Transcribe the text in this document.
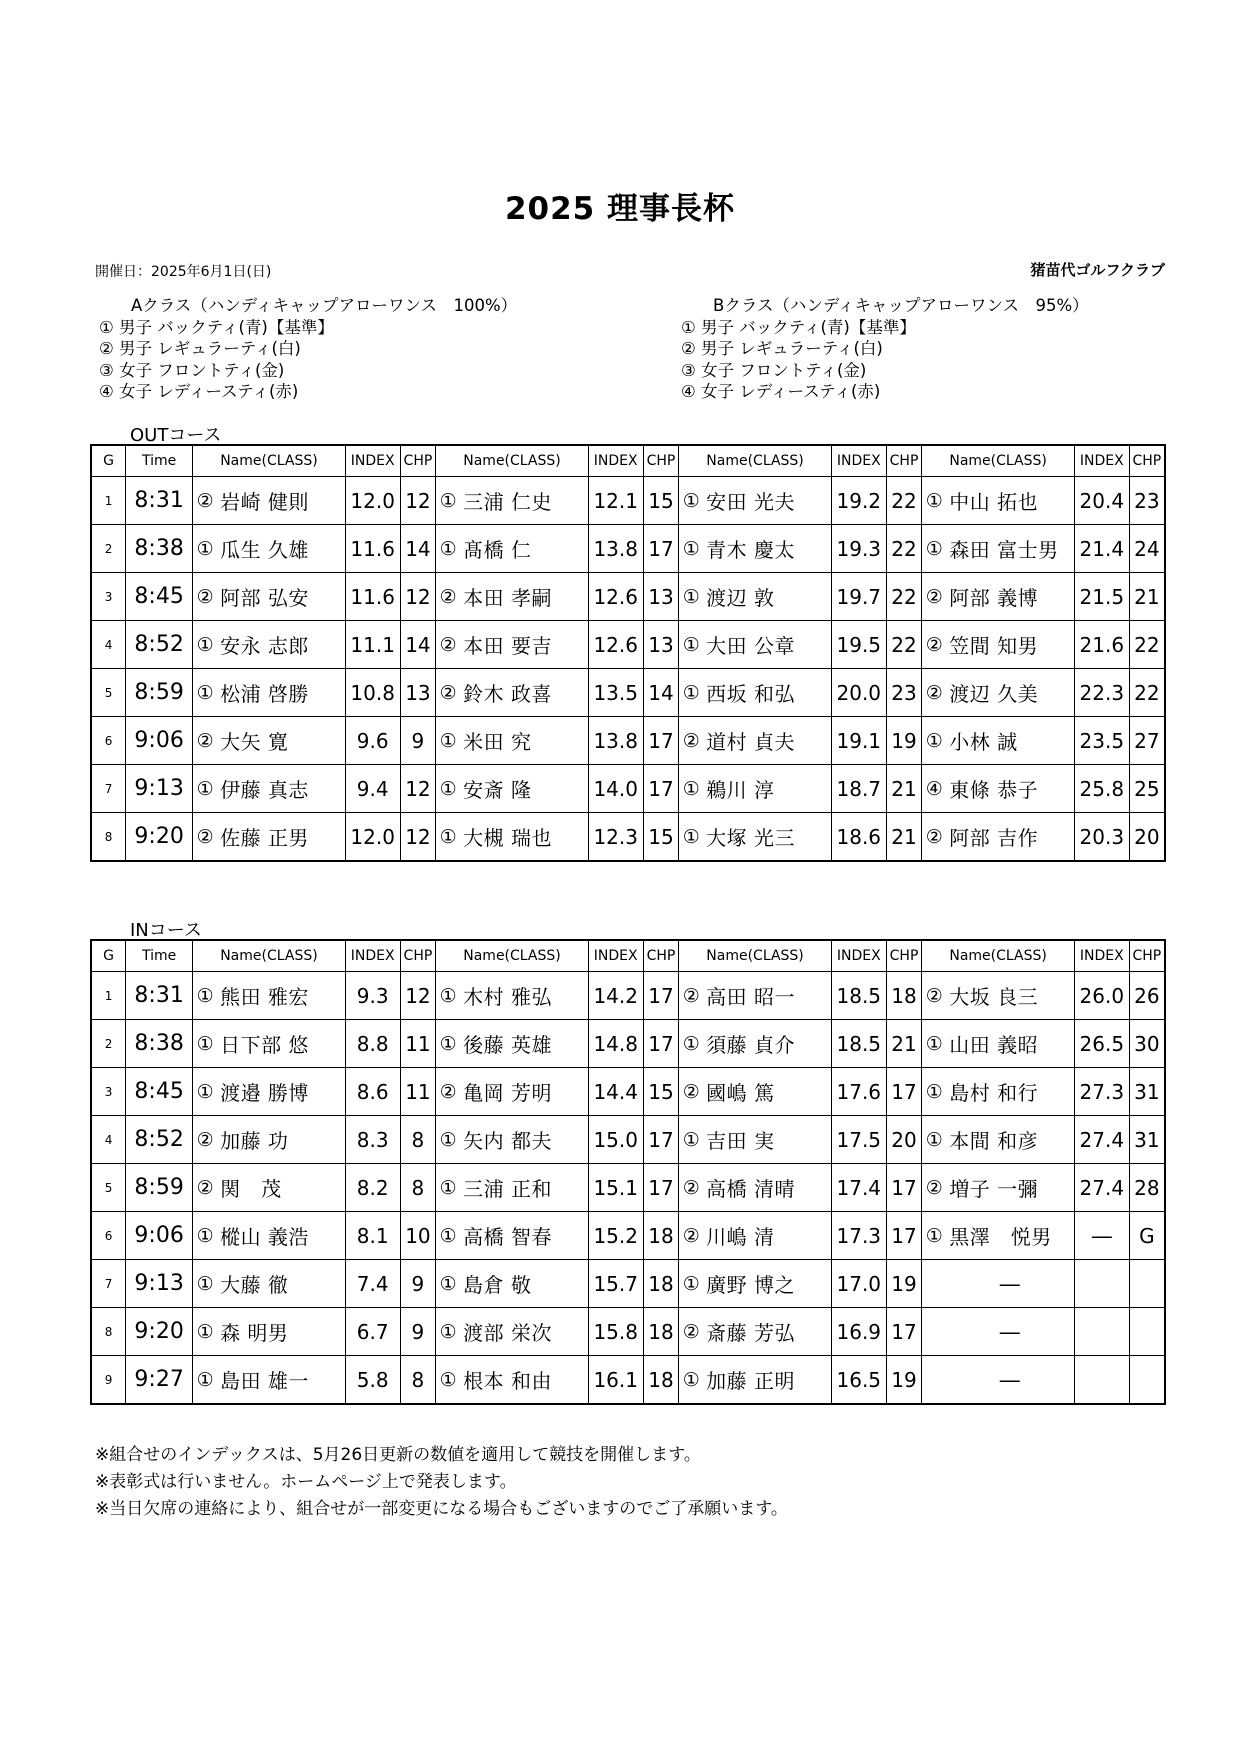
2025 理事長杯
開催日：2025年6月1日(日)	猪苗代ゴルフクラブ
Aクラス（ハンディキャップアローワンス　100%）
① 男子 バックティ(青)【基準】
② 男子 レギュラーティ(白)
③ 女子 フロントティ(金)
④ 女子 レディースティ(赤)
Bクラス（ハンディキャップアローワンス　95%）
① 男子 バックティ(青)【基準】
② 男子 レギュラーティ(白)
③ 女子 フロントティ(金)
④ 女子 レディースティ(赤)
OUTコース
G	Time	Name(CLASS)		INDEX	CHP	Name(CLASS)		INDEX	CHP	Name(CLASS)		INDEX	CHP	Name(CLASS)		INDEX	CHP
1	8:31	②	岩崎 健則	12.0	12	①	三浦 仁史	12.1	15	①	安田 光夫	19.2	22	①	中山 拓也	20.4	23
2	8:38	①	瓜生 久雄	11.6	14	①	髙橋 仁	13.8	17	①	青木 慶太	19.3	22	①	森田 富士男	21.4	24
3	8:45	②	阿部 弘安	11.6	12	②	本田 孝嗣	12.6	13	①	渡辺 敦	19.7	22	②	阿部 義博	21.5	21
4	8:52	①	安永 志郎	11.1	14	②	本田 要吉	12.6	13	①	大田 公章	19.5	22	②	笠間 知男	21.6	22
5	8:59	①	松浦 啓勝	10.8	13	②	鈴木 政喜	13.5	14	①	西坂 和弘	20.0	23	②	渡辺 久美	22.3	22
6	9:06	②	大矢 寛	9.6	9	①	米田 究	13.8	17	②	道村 貞夫	19.1	19	①	小林 誠	23.5	27
7	9:13	①	伊藤 真志	9.4	12	①	安斎 隆	14.0	17	①	鵜川 淳	18.7	21	④	東條 恭子	25.8	25
8	9:20	②	佐藤 正男	12.0	12	①	大槻 瑞也	12.3	15	①	大塚 光三	18.6	21	②	阿部 吉作	20.3	20
INコース
G	Time	Name(CLASS)		INDEX	CHP	Name(CLASS)		INDEX	CHP	Name(CLASS)		INDEX	CHP	Name(CLASS)		INDEX	CHP
1	8:31	①	熊田 雅宏	9.3	12	①	木村 雅弘	14.2	17	②	高田 昭一	18.5	18	②	大坂 良三	26.0	26
2	8:38	①	日下部 悠	8.8	11	①	後藤 英雄	14.8	17	①	須藤 貞介	18.5	21	①	山田 義昭	26.5	30
3	8:45	①	渡邉 勝博	8.6	11	②	亀岡 芳明	14.4	15	②	國嶋 篤	17.6	17	①	島村 和行	27.3	31
4	8:52	②	加藤 功	8.3	8	①	矢内 都夫	15.0	17	①	吉田 実	17.5	20	①	本間 和彦	27.4	31
5	8:59	②	関　茂	8.2	8	①	三浦 正和	15.1	17	②	高橋 清晴	17.4	17	②	増子 一彌	27.4	28
6	9:06	①	樅山 義浩	8.1	10	①	高橋 智春	15.2	18	②	川嶋 清	17.3	17	①	黒澤　悦男	―	G
7	9:13	①	大藤 徹	7.4	9	①	島倉 敬	15.7	18	①	廣野 博之	17.0	19		―		
8	9:20	①	森 明男	6.7	9	①	渡部 栄次	15.8	18	②	斎藤 芳弘	16.9	17		―		
9	9:27	①	島田 雄一	5.8	8	①	根本 和由	16.1	18	①	加藤 正明	16.5	19		―		
※組合せのインデックスは、5月26日更新の数値を適用して競技を開催します。
※表彰式は行いません。ホームページ上で発表します。
※当日欠席の連絡により、組合せが一部変更になる場合もございますのでご了承願います。
